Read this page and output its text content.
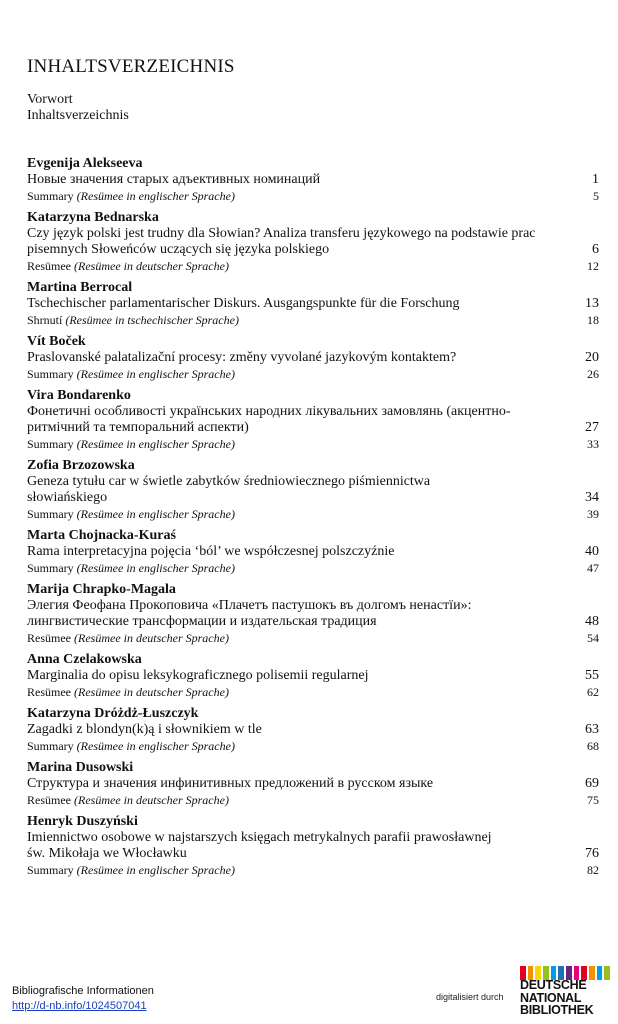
INHALTSVERZEICHNIS
Vorwort
Inhaltsverzeichnis
Evgenija Alekseeva
Новые значения старых адъективных номинаций	1
Summary (Resümee in englischer Sprache)	5
Katarzyna Bednarska
Czy język polski jest trudny dla Słowian? Analiza transferu językowego na podstawie prac
pisemnych Słoweńców uczących się języka polskiego	6
Resümee (Resümee in deutscher Sprache)	12
Martina Berrocal
Tschechischer parlamentarischer Diskurs. Ausgangspunkte für die Forschung	13
Shrnutí (Resümee in tschechischer Sprache)	18
Vít Boček
Praslovanské palatalizační procesy: změny vyvolané jazykovým kontaktem?	20
Summary (Resümee in englischer Sprache)	26
Vira Bondarenko
Фонетичні особливості українських народних лікувальних замовлянь (акцентно-
ритмічний та темпоральний аспекти)	27
Summary (Resümee in englischer Sprache)	33
Zofia Brzozowska
Geneza tytułu car w świetle zabytków średniowiecznego piśmiennictwa
słowiańskiego	34
Summary (Resümee in englischer Sprache)	39
Marta Chojnacka-Kuraś
Rama interpretacyjna pojęcia ‘ból’ we współczesnej polszczyźnie	40
Summary (Resümee in englischer Sprache)	47
Marija Chrapko-Magala
Элегия Феофана Прокоповича «Плачетъ пастушокъ въ долгомъ ненастїи»:
лингвистические трансформации и издательская традиция	48
Resümee (Resümee in deutscher Sprache)	54
Anna Czelakowska
Marginalia do opisu leksykograficznego polisemii regularnej	55
Resümee (Resümee in deutscher Sprache)	62
Katarzyna Dróżdż-Łuszczyk
Zagadki z blondyn(k)ą i słownikiem w tle	63
Summary (Resümee in englischer Sprache)	68
Marina Dusowski
Структура и значения инфинитивных предложений в русском языке	69
Resümee (Resümee in deutscher Sprache)	75
Henryk Duszyński
Imiennictwo osobowe w najstarszych księgach metrykalnych parafii prawosławnej
św. Mikołaja we Włocławku	76
Summary (Resümee in englischer Sprache)	82
Bibliografische Informationen
http://d-nb.info/1024507041
digitalisiert durch
DEUTSCHE
NATIONAL
BIBLIOTHEK
